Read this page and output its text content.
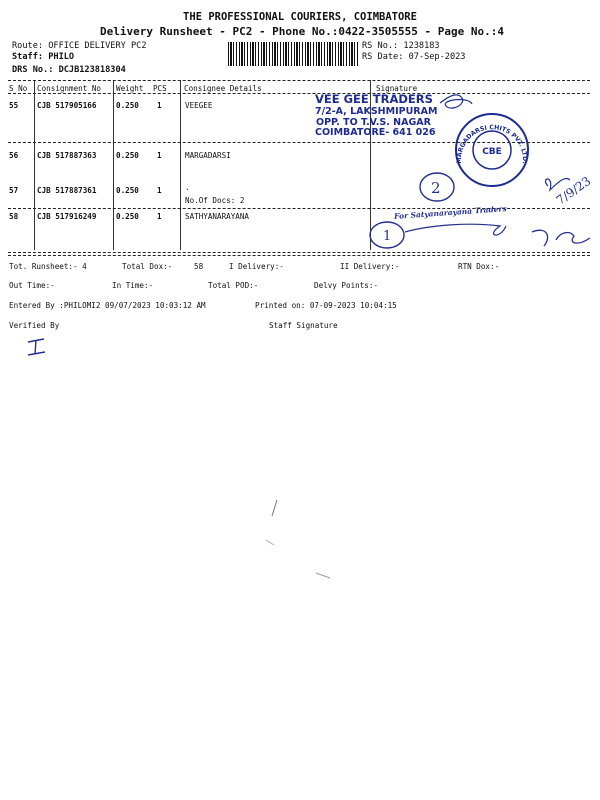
THE PROFESSIONAL COURIERS, COIMBATORE
Delivery Runsheet - PC2 - Phone No.:0422-3505555 - Page No.:4
Route: OFFICE DELIVERY PC2
Staff: PHILO
DRS No.: DCJB123818304
RS No.: 1238183
RS Date: 07-Sep-2023
S No Consignment No Weight PCS Consignee Details	Signature
55 CJB 517905166	0.250 1	VEEGEE
56 CJB 517887363	0.250 1	MARGADARSI
57 CJB 517887361	0.250 1	.
No.Of Docs: 2
58 CJB 517916249	0.250 1	SATHYANARAYANA
VEE GEE TRADERS
7/2-A, LAKSHMIPURAM
OPP. TO T.V.S. NAGAR
COIMBATORE- 641 026
CBE
MARGADARSI CHITS PVT. LTD.
2	7/9/23
1
For Satyanarayana Traders
Tot. Runsheet:- 4	Total Dox:-	58	I Delivery:-	II Delivery:-	RTN Dox:-
Out Time:-	In Time:-	Total POD:-	Delvy Points:-
Entered By :PHILOMI2 09/07/2023 10:03:12 AM	Printed on: 07-09-2023 10:04:15
Verified By	Staff Signature
